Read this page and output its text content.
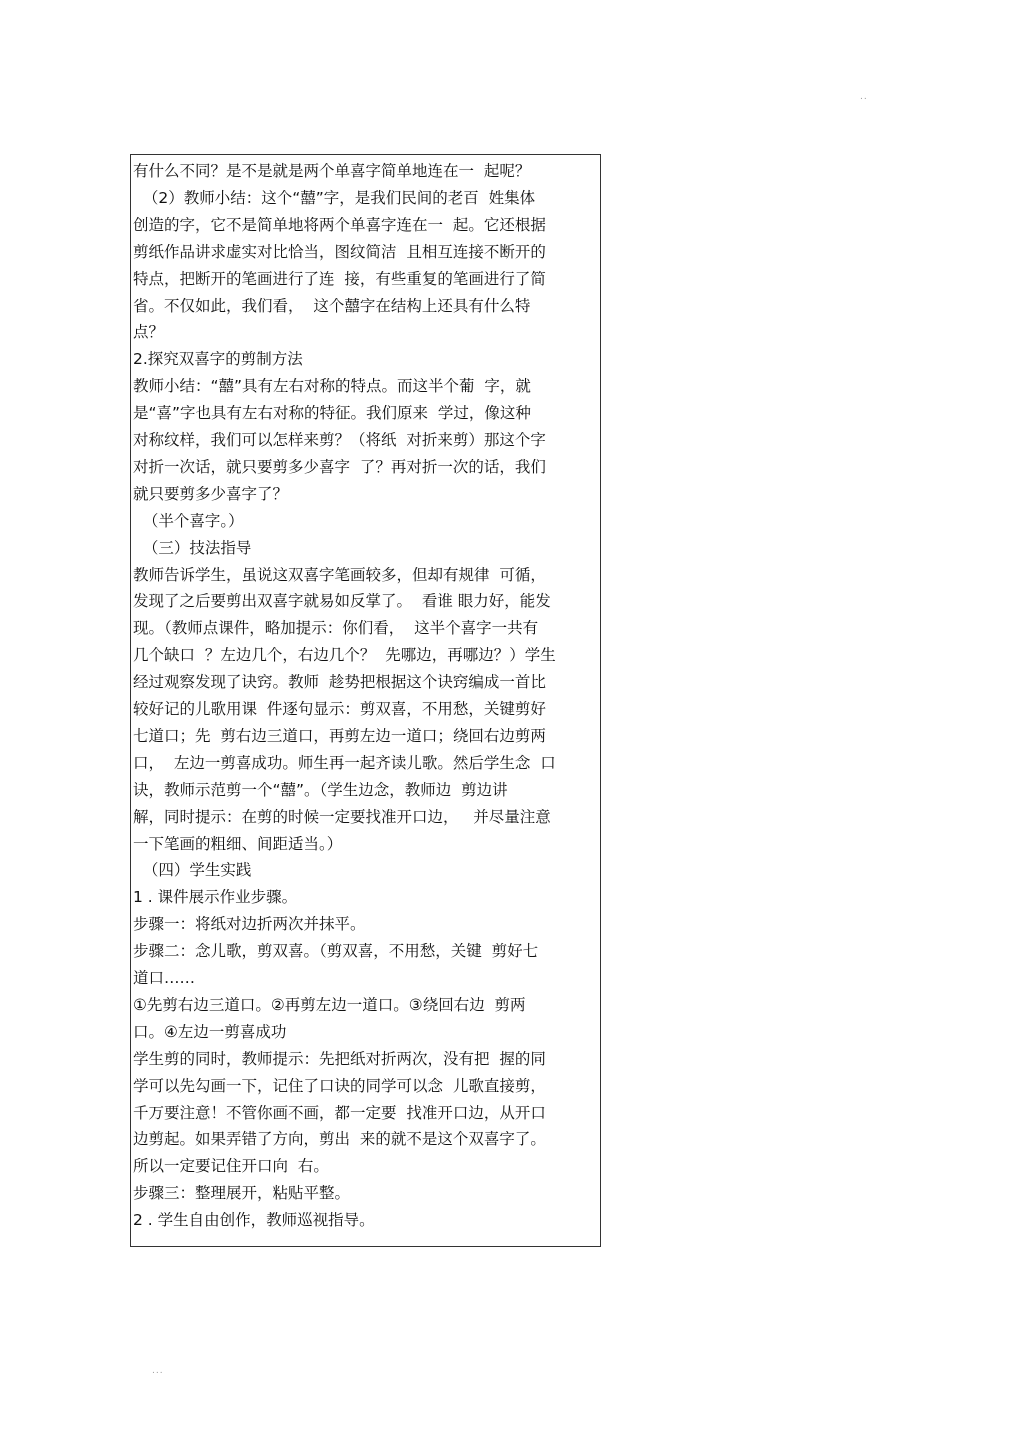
..
有什么不同？是不是就是两个单喜字简单地连在一  起呢？
（2）教师小结：这个“囍”字，是我们民间的老百  姓集体
创造的字，它不是简单地将两个单喜字连在一  起。它还根据
剪纸作品讲求虚实对比恰当，图纹简洁  且相互连接不断开的
特点，把断开的笔画进行了连  接，有些重复的笔画进行了简
省。不仅如此，我们看，  这个囍字在结构上还具有什么特
点？
2.探究双喜字的剪制方法
教师小结：“囍”具有左右对称的特点。而这半个葡  字，就
是“喜”字也具有左右对称的特征。我们原来  学过，像这种
对称纹样，我们可以怎样来剪？（将纸  对折来剪）那这个字
对折一次话，就只要剪多少喜字  了？再对折一次的话，我们
就只要剪多少喜字了？
（半个喜字。）
（三）技法指导
教师告诉学生，虽说这双喜字笔画较多，但却有规律  可循，
发现了之后要剪出双喜字就易如反掌了。  看谁 眼力好，能发
现。（教师点课件，略加提示：你们看，  这半个喜字一共有
几个缺口  ？左边几个，右边几个？  先哪边，再哪边？）学生
经过观察发现了诀窍。教师  趁势把根据这个诀窍编成一首比
较好记的儿歌用课  件逐句显示：剪双喜，不用愁，关键剪好
七道口；先  剪右边三道口，再剪左边一道口；绕回右边剪两
口，  左边一剪喜成功。师生再一起齐读儿歌。然后学生念  口
诀，教师示范剪一个“囍”。（学生边念，教师边  剪边讲
解，同时提示：在剪的时候一定要找准开口边，   并尽量注意
一下笔画的粗细、间距适当。）
（四）学生实践
1 . 课件展示作业步骤。
步骤一：将纸对边折两次并抹平。
步骤二：念儿歌，剪双喜。（剪双喜，不用愁，关键  剪好七
道口……
①先剪右边三道口。②再剪左边一道口。③绕回右边  剪两
口。④左边一剪喜成功
学生剪的同时，教师提示：先把纸对折两次，没有把  握的同
学可以先勾画一下，记住了口诀的同学可以念  儿歌直接剪，
千万要注意！不管你画不画，都一定要  找准开口边，从开口
边剪起。如果弄错了方向，剪出  来的就不是这个双喜字了。
所以一定要记住开口向  右。
步骤三：整理展开，粘贴平整。
2 . 学生自由创作，教师巡视指导。
...
